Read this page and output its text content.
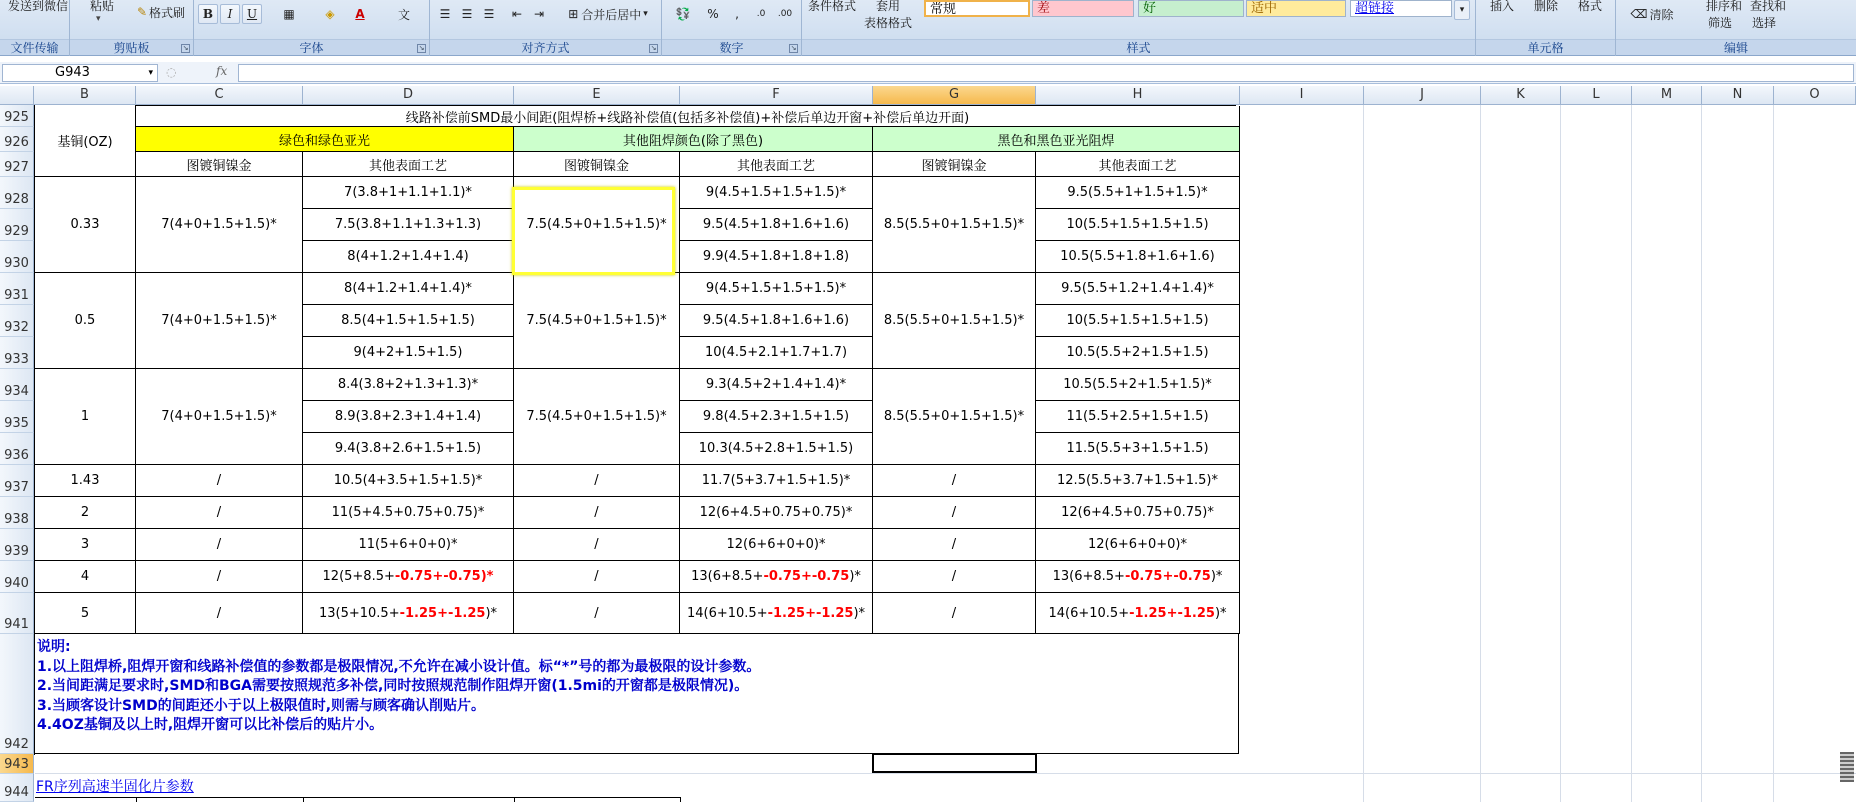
发送到微信
文件传输
粘贴
▾	✎ 格式刷
剪贴板	↘
B	I	U	▦	◈ A	文
字体	↘
☰ ☰ ☰ ⇤ ⇥ ⊞ 合并后居中 ▾
对齐方式	↘
💱	%	,	.0 .00
数字	↘
条件格式 套用
表格格式
常规	差	好	适中	超链接	▾
样式
插入 删除 格式
单元格
⌫ 清除
排序和
筛选
查找和
选择
编辑
G943	▾ ◌	fx
B	C	D	E	F	G	H	I	J	K	L	M	N	O
925
926
927
928
929
930
931
932
933
934
935
936
937
938
939
940
941
942
943
944
基铜(OZ)
线路补偿前SMD最小间距(阻焊桥+线路补偿值(包括多补偿值)+补偿后单边开窗+补偿后单边开面)
绿色和绿色亚光	其他阻焊颜色(除了黑色)	黑色和黑色亚光阻焊
图镀铜镍金	其他表面工艺	图镀铜镍金	其他表面工艺	图镀铜镍金	其他表面工艺
0.33	7(4+0+1.5+1.5)*
7(3.8+1+1.1+1.1)*
7.5(3.8+1.1+1.3+1.3)
8(4+1.2+1.4+1.4)
7.5(4.5+0+1.5+1.5)*
9(4.5+1.5+1.5+1.5)*
9.5(4.5+1.8+1.6+1.6)
9.9(4.5+1.8+1.8+1.8)
8.5(5.5+0+1.5+1.5)*
9.5(5.5+1+1.5+1.5)*
10(5.5+1.5+1.5+1.5)
10.5(5.5+1.8+1.6+1.6)
0.5	7(4+0+1.5+1.5)*
8(4+1.2+1.4+1.4)*
8.5(4+1.5+1.5+1.5)
9(4+2+1.5+1.5)
7.5(4.5+0+1.5+1.5)*
9(4.5+1.5+1.5+1.5)*
9.5(4.5+1.8+1.6+1.6)
10(4.5+2.1+1.7+1.7)
8.5(5.5+0+1.5+1.5)*
9.5(5.5+1.2+1.4+1.4)*
10(5.5+1.5+1.5+1.5)
10.5(5.5+2+1.5+1.5)
1	7(4+0+1.5+1.5)*
8.4(3.8+2+1.3+1.3)*
8.9(3.8+2.3+1.4+1.4)
9.4(3.8+2.6+1.5+1.5)
7.5(4.5+0+1.5+1.5)*
9.3(4.5+2+1.4+1.4)*
9.8(4.5+2.3+1.5+1.5)
10.3(4.5+2.8+1.5+1.5)
8.5(5.5+0+1.5+1.5)*
10.5(5.5+2+1.5+1.5)*
11(5.5+2.5+1.5+1.5)
11.5(5.5+3+1.5+1.5)
1.43	/	10.5(4+3.5+1.5+1.5)*	/	11.7(5+3.7+1.5+1.5)*	/	12.5(5.5+3.7+1.5+1.5)*
2	/	11(5+4.5+0.75+0.75)*	/	12(6+4.5+0.75+0.75)*	/	12(6+4.5+0.75+0.75)*
3	/	11(5+6+0+0)*	/	12(6+6+0+0)*	/	12(6+6+0+0)*
4	/	12(5+8.5+ -0.75+-0.75)*	/	13(6+8.5+ -0.75+-0.75 )*	/	13(6+8.5+ -0.75+-0.75 )*
5	/	13(5+10.5+ -1.25+-1.25 )*	/	14(6+10.5+ -1.25+-1.25 )*	/	14(6+10.5+ -1.25+-1.25 )*
说明:
1.以上阻焊桥,阻焊开窗和线路补偿值的参数都是极限情况,不允许在减小设计值。标“*”号的都为最极限的设计参数。
2.当间距满足要求时,SMD和BGA需要按照规范多补偿,同时按照规范制作阻焊开窗(1.5mi的开窗都是极限情况)。
3.当顾客设计SMD的间距还小于以上极限值时,则需与顾客确认削贴片。
4.4OZ基铜及以上时,阻焊开窗可以比补偿后的贴片小。
FR序列高速半固化片参数
